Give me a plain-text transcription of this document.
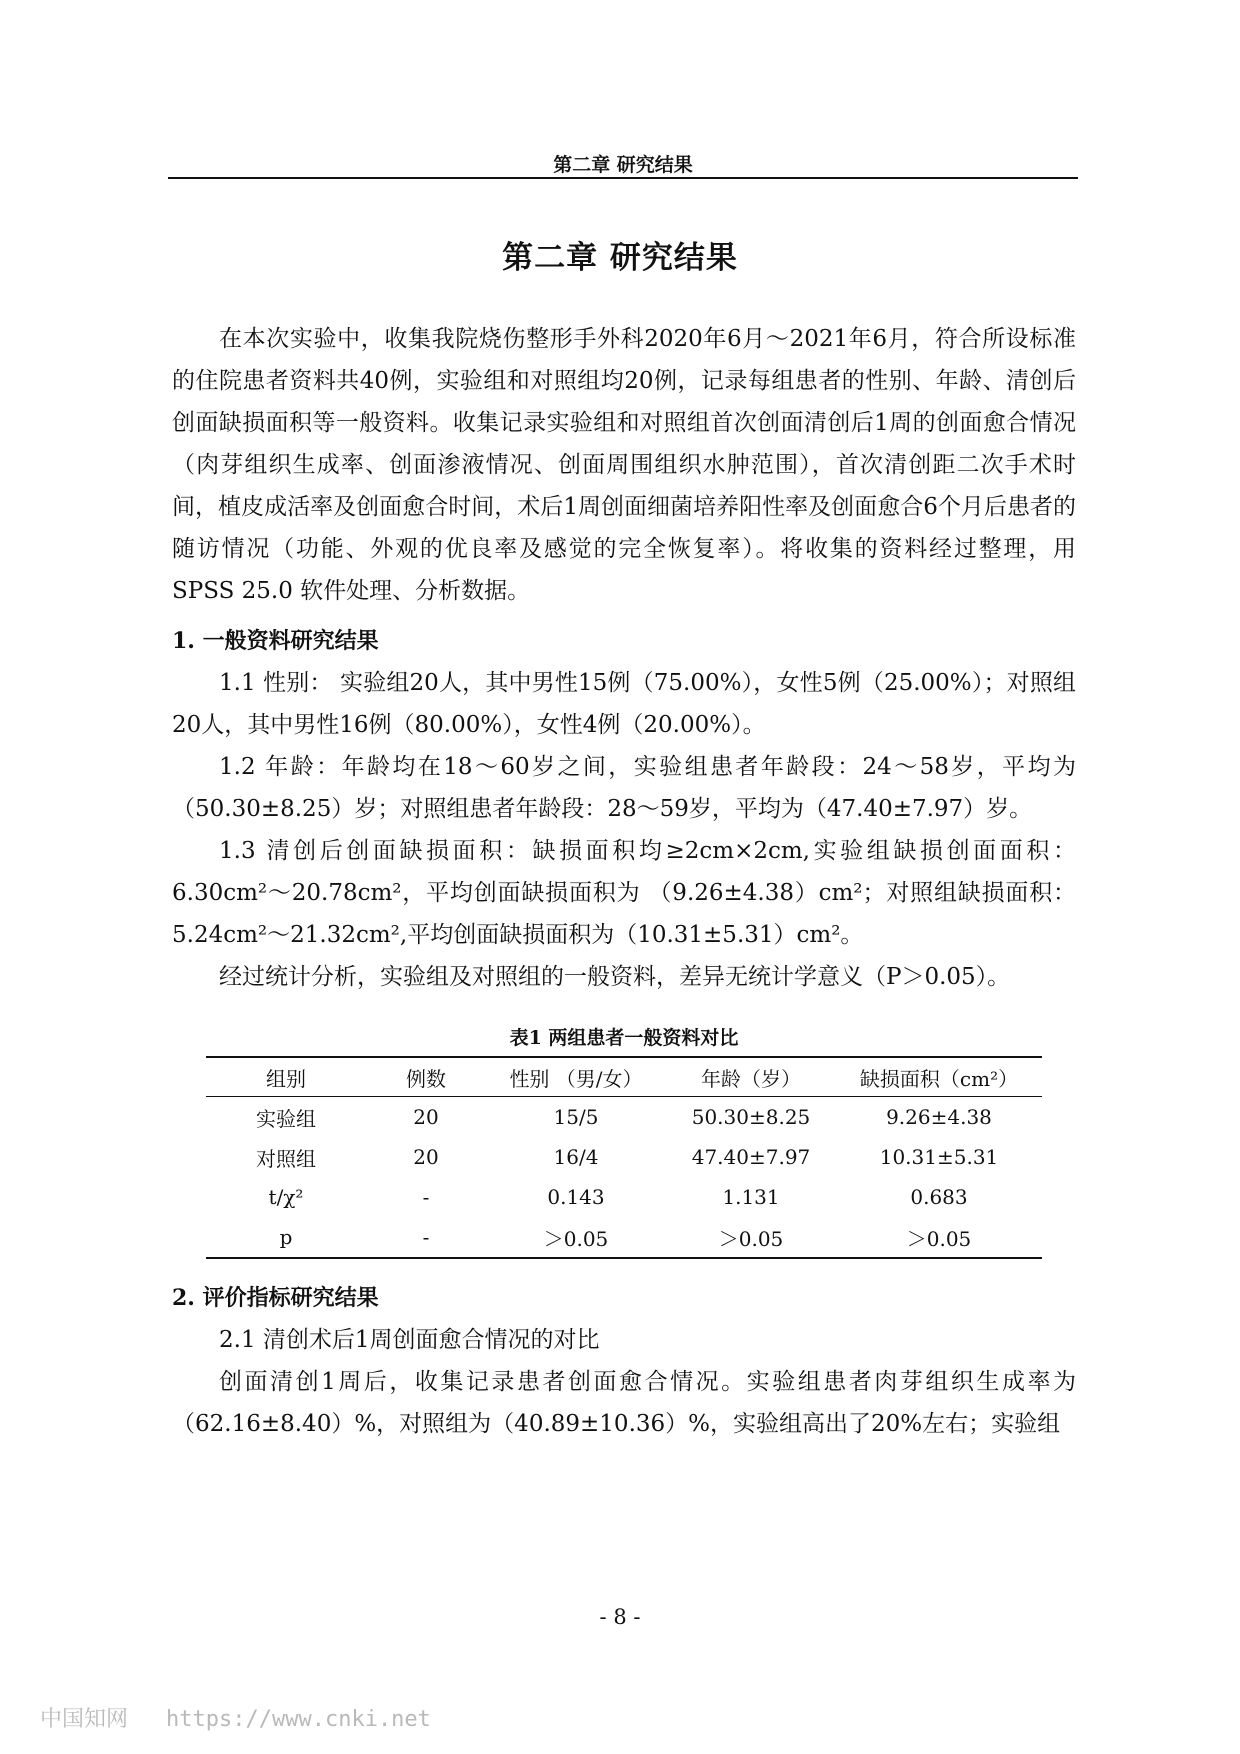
第二章 研究结果
第二章 研究结果

在本次实验中，收集我院烧伤整形手外科2020年6月～2021年6月，符合所设标准的住院患者资料共40例，实验组和对照组均20例，记录每组患者的性别、年龄、清创后创面缺损面积等一般资料。收集记录实验组和对照组首次创面清创后1周的创面愈合情况（肉芽组织生成率、创面渗液情况、创面周围组织水肿范围），首次清创距二次手术时间，植皮成活率及创面愈合时间，术后1周创面细菌培养阳性率及创面愈合6个月后患者的随访情况（功能、外观的优良率及感觉的完全恢复率）。将收集的资料经过整理，用 SPSS 25.0 软件处理、分析数据。

1. 一般资料研究结果

1.1 性别： 实验组20人，其中男性15例（75.00%），女性5例（25.00%）；对照组20人，其中男性16例（80.00%），女性4例（20.00%）。

1.2 年龄：年龄均在18～60岁之间，实验组患者年龄段：24～58岁，平均为（50.30±8.25）岁；对照组患者年龄段：28～59岁，平均为（47.40±7.97）岁。

1.3 清创后创面缺损面积：缺损面积均≥2cm×2cm,实验组缺损创面面积：6.30cm²～20.78cm²，平均创面缺损面积为 （9.26±4.38）cm²；对照组缺损面积：5.24cm²～21.32cm²,平均创面缺损面积为（10.31±5.31）cm²。

经过统计分析，实验组及对照组的一般资料，差异无统计学意义（P＞0.05）。

表1 两组患者一般资料对比

组别	例数	性别 （男/女）	年龄（岁）	缺损面积（cm²）
实验组	20	15/5	50.30±8.25	9.26±4.38
对照组	20	16/4	47.40±7.97	10.31±5.31
t/χ²	-	0.143	1.131	0.683
p	-	＞0.05	＞0.05	＞0.05

2. 评价指标研究结果

2.1 清创术后1周创面愈合情况的对比

创面清创1周后，收集记录患者创面愈合情况。实验组患者肉芽组织生成率为（62.16±8.40）%，对照组为（40.89±10.36）%，实验组高出了20%左右；实验组

- 8 -
中国知网 https://www.cnki.net
